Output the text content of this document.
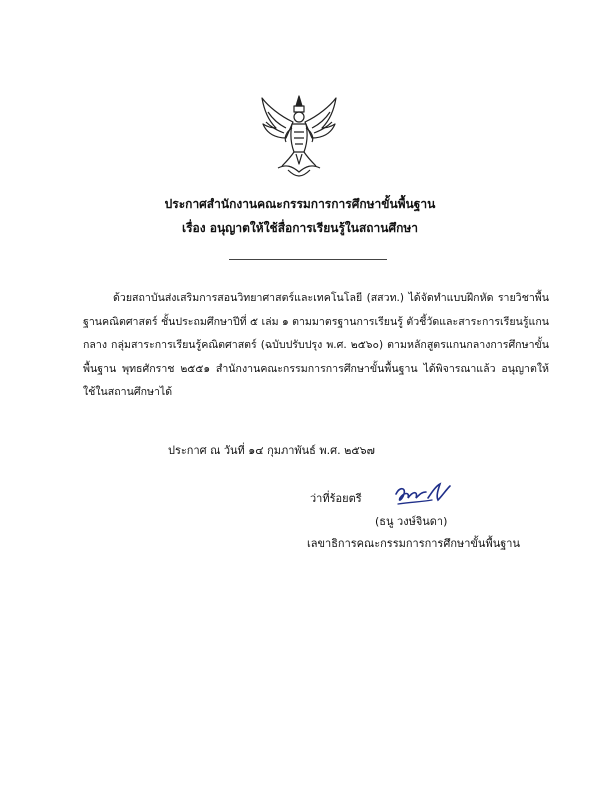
ประกาศสำนักงานคณะกรรมการการศึกษาขั้นพื้นฐาน
เรื่อง อนุญาตให้ใช้สื่อการเรียนรู้ในสถานศึกษา

ด้วยสถาบันส่งเสริมการสอนวิทยาศาสตร์และเทคโนโลยี (สสวท.) ได้จัดทำแบบฝึกหัด รายวิชาพื้นฐานคณิตศาสตร์ ชั้นประถมศึกษาปีที่ ๕ เล่ม ๑ ตามมาตรฐานการเรียนรู้ ตัวชี้วัดและสาระการเรียนรู้แกนกลาง กลุ่มสาระการเรียนรู้คณิตศาสตร์ (ฉบับปรับปรุง พ.ศ. ๒๕๖๐) ตามหลักสูตรแกนกลางการศึกษาขั้นพื้นฐาน พุทธศักราช ๒๕๕๑ สำนักงานคณะกรรมการการศึกษาขั้นพื้นฐาน ได้พิจารณาแล้ว อนุญาตให้ใช้ในสถานศึกษาได้

ประกาศ ณ วันที่ ๑๔ กุมภาพันธ์ พ.ศ. ๒๕๖๗
ว่าที่ร้อยตรี
(ธนู วงษ์จินดา)
เลขาธิการคณะกรรมการการศึกษาขั้นพื้นฐาน
